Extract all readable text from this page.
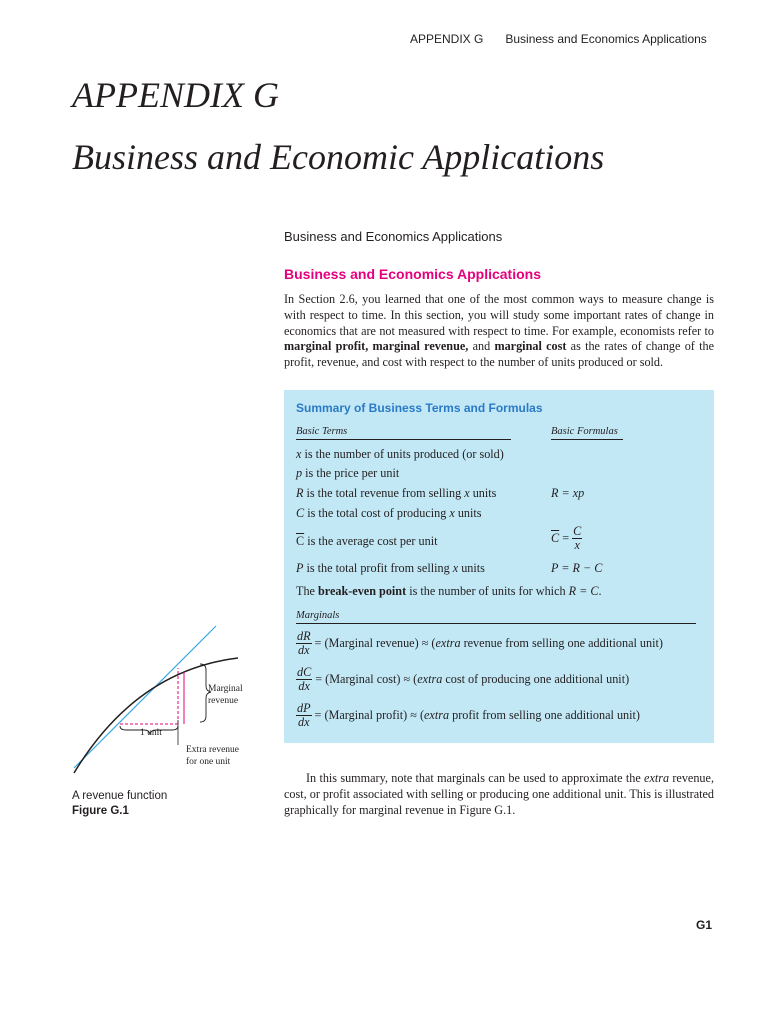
APPENDIX G Business and Economics Applications
APPENDIX G
Business and Economic Applications
Business and Economics Applications
Business and Economics Applications
In Section 2.6, you learned that one of the most common ways to measure change is with respect to time. In this section, you will study some important rates of change in economics that are not measured with respect to time. For example, economists refer to marginal profit, marginal revenue, and marginal cost as the rates of change of the profit, revenue, and cost with respect to the number of units produced or sold.
Summary of Business Terms and Formulas
Basic Terms	Basic Formulas
x is the number of units produced (or sold)
p is the price per unit
R is the total revenue from selling x units	R = xp
C is the total cost of producing x units
$\overline{C}$ is the average cost per unit	$\overline{C} = \frac{C}{x}$
P is the total profit from selling x units	P = R − C
The break-even point is the number of units for which R = C.
Marginals
$\frac{dR}{dx}$ = (Marginal revenue) ≈ (extra revenue from selling one additional unit)
$\frac{dC}{dx}$ = (Marginal cost) ≈ (extra cost of producing one additional unit)
$\frac{dP}{dx}$ = (Marginal profit) ≈ (extra profit from selling one additional unit)
Marginal
revenue
1 unit
Extra revenue
for one unit
A revenue function
Figure G.1
In this summary, note that marginals can be used to approximate the extra revenue, cost, or profit associated with selling or producing one additional unit. This is illustrated graphically for marginal revenue in Figure G.1.
G1
